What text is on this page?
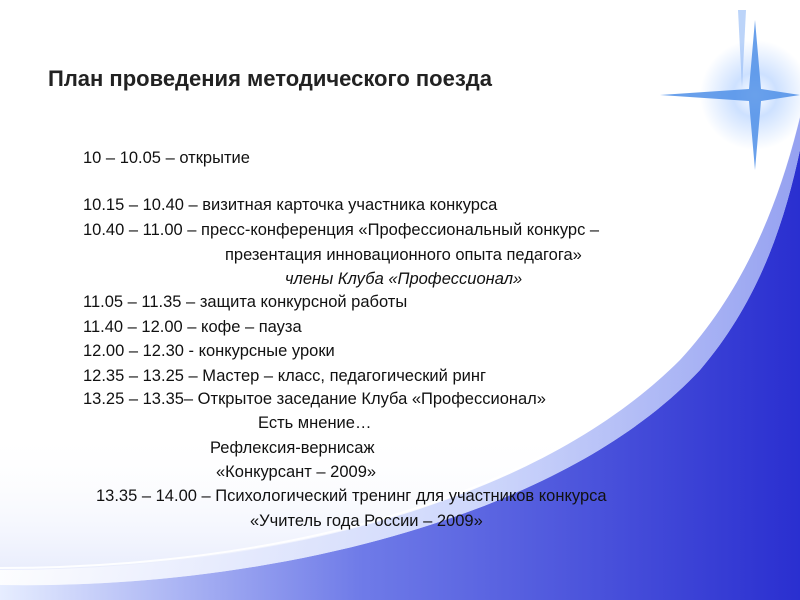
План проведения методического поезда
10 – 10.05 – открытие
10.15 – 10.40 – визитная карточка участника конкурса
10.40 – 11.00 – пресс-конференция «Профессиональный конкурс –
презентация инновационного опыта педагога»
члены Клуба «Профессионал»
11.05 – 11.35 – защита конкурсной работы
11.40 – 12.00 – кофе – пауза
12.00 – 12.30 - конкурсные уроки
12.35 – 13.25 – Мастер – класс, педагогический ринг
13.25 – 13.35– Открытое заседание Клуба «Профессионал»
Есть мнение…
Рефлексия-вернисаж
«Конкурсант – 2009»
13.35 – 14.00 – Психологический тренинг для участников конкурса
«Учитель года России – 2009»
